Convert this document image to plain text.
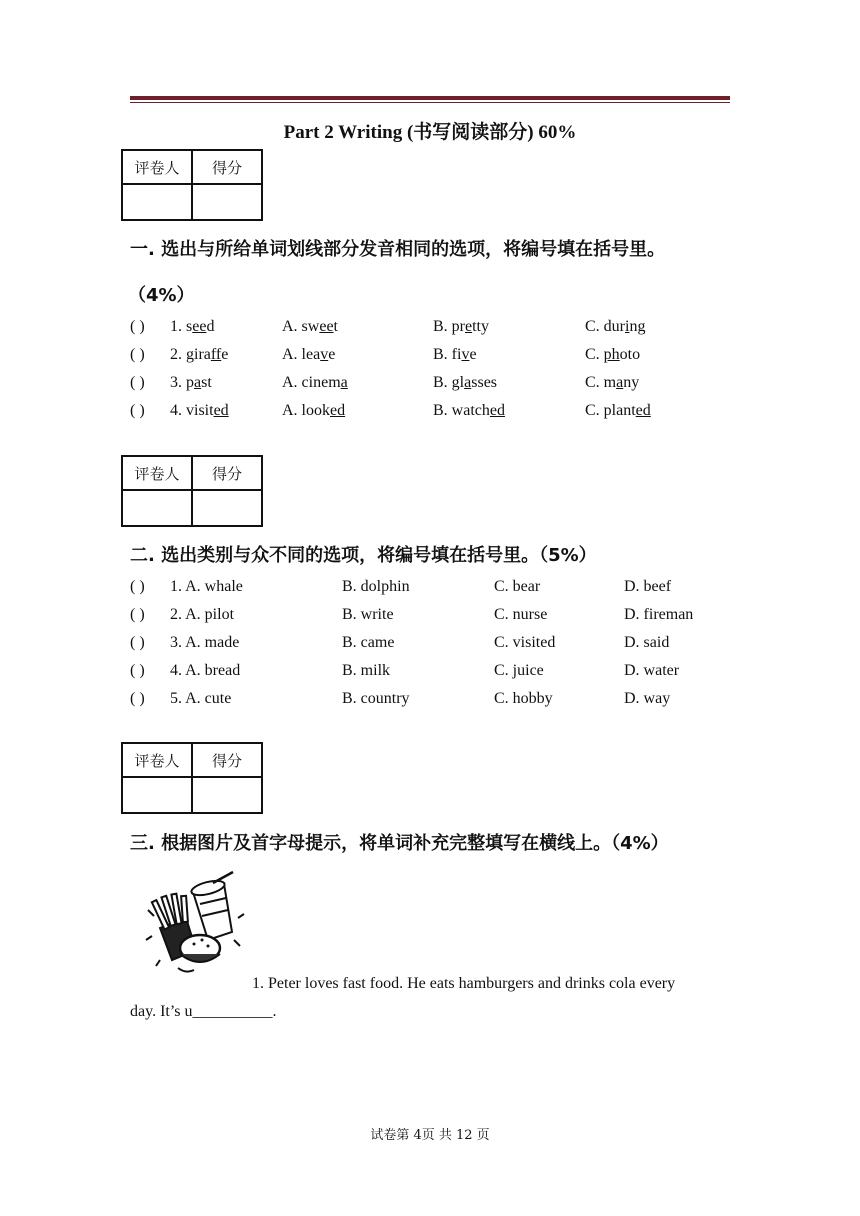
Part 2 Writing (书写阅读部分) 60%
评卷人	得分

一. 选出与所给单词划线部分发音相同的选项，将编号填在括号里。
（4%）
( ) 1. seed	A. sweet	B. pretty	C. during
( ) 2. giraffe	A. leave	B. five	C. photo
( ) 3. past	A. cinema	B. glasses	C. many
( ) 4. visited	A. looked	B. watched	C. planted
评卷人	得分

二. 选出类别与众不同的选项，将编号填在括号里。（5%）
( ) 1. A. whale	B. dolphin	C. bear	D. beef
( ) 2. A. pilot	B. write	C. nurse	D. fireman
( ) 3. A. made	B. came	C. visited	D. said
( ) 4. A. bread	B. milk	C. juice	D. water
( ) 5. A. cute	B. country	C. hobby	D. way
评卷人	得分

三. 根据图片及首字母提示，将单词补充完整填写在横线上。（4%）
1. Peter loves fast food. He eats hamburgers and drinks cola every
day. It’s u__________.
试卷第 4页 共 12 页
